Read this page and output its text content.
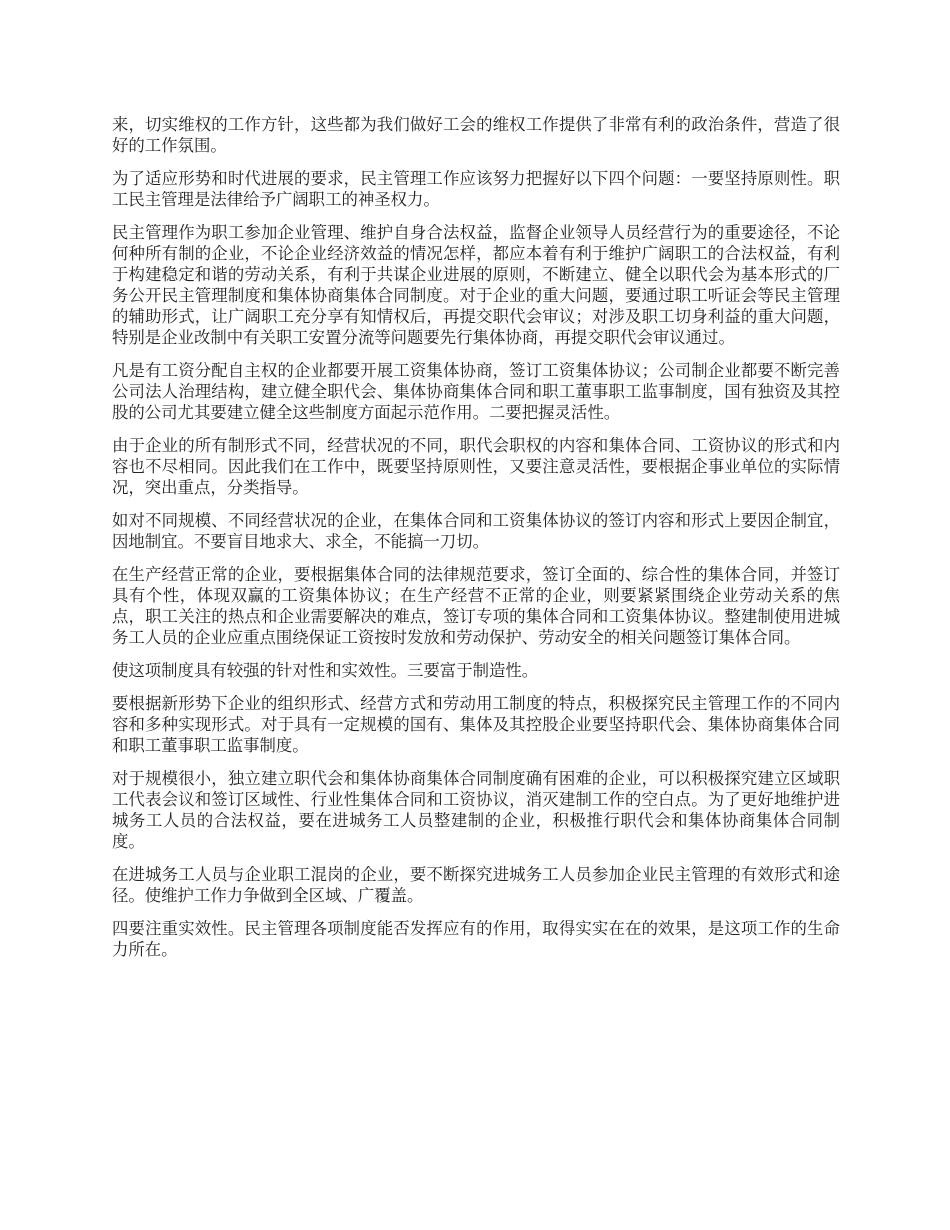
来，切实维权的工作方针，这些都为我们做好工会的维权工作提供了非常有利的政治条件，营造了很好的工作氛围。

为了适应形势和时代进展的要求，民主管理工作应该努力把握好以下四个问题：一要坚持原则性。职工民主管理是法律给予广阔职工的神圣权力。

民主管理作为职工参加企业管理、维护自身合法权益，监督企业领导人员经营行为的重要途径，不论何种所有制的企业，不论企业经济效益的情况怎样，都应本着有利于维护广阔职工的合法权益，有利于构建稳定和谐的劳动关系，有利于共谋企业进展的原则，不断建立、健全以职代会为基本形式的厂务公开民主管理制度和集体协商集体合同制度。对于企业的重大问题，要通过职工听证会等民主管理的辅助形式，让广阔职工充分享有知情权后，再提交职代会审议；对涉及职工切身利益的重大问题，特别是企业改制中有关职工安置分流等问题要先行集体协商，再提交职代会审议通过。

凡是有工资分配自主权的企业都要开展工资集体协商，签订工资集体协议；公司制企业都要不断完善公司法人治理结构，建立健全职代会、集体协商集体合同和职工董事职工监事制度，国有独资及其控股的公司尤其要建立健全这些制度方面起示范作用。二要把握灵活性。

由于企业的所有制形式不同，经营状况的不同，职代会职权的内容和集体合同、工资协议的形式和内容也不尽相同。因此我们在工作中，既要坚持原则性，又要注意灵活性，要根据企事业单位的实际情况，突出重点，分类指导。

如对不同规模、不同经营状况的企业，在集体合同和工资集体协议的签订内容和形式上要因企制宜，因地制宜。不要盲目地求大、求全，不能搞一刀切。

在生产经营正常的企业，要根据集体合同的法律规范要求，签订全面的、综合性的集体合同，并签订具有个性，体现双赢的工资集体协议；在生产经营不正常的企业，则要紧紧围绕企业劳动关系的焦点，职工关注的热点和企业需要解决的难点，签订专项的集体合同和工资集体协议。整建制使用进城务工人员的企业应重点围绕保证工资按时发放和劳动保护、劳动安全的相关问题签订集体合同。

使这项制度具有较强的针对性和实效性。三要富于制造性。

要根据新形势下企业的组织形式、经营方式和劳动用工制度的特点，积极探究民主管理工作的不同内容和多种实现形式。对于具有一定规模的国有、集体及其控股企业要坚持职代会、集体协商集体合同和职工董事职工监事制度。

对于规模很小，独立建立职代会和集体协商集体合同制度确有困难的企业，可以积极探究建立区域职工代表会议和签订区域性、行业性集体合同和工资协议，消灭建制工作的空白点。为了更好地维护进城务工人员的合法权益，要在进城务工人员整建制的企业，积极推行职代会和集体协商集体合同制度。

在进城务工人员与企业职工混岗的企业，要不断探究进城务工人员参加企业民主管理的有效形式和途径。使维护工作力争做到全区域、广覆盖。

四要注重实效性。民主管理各项制度能否发挥应有的作用，取得实实在在的效果，是这项工作的生命力所在。
